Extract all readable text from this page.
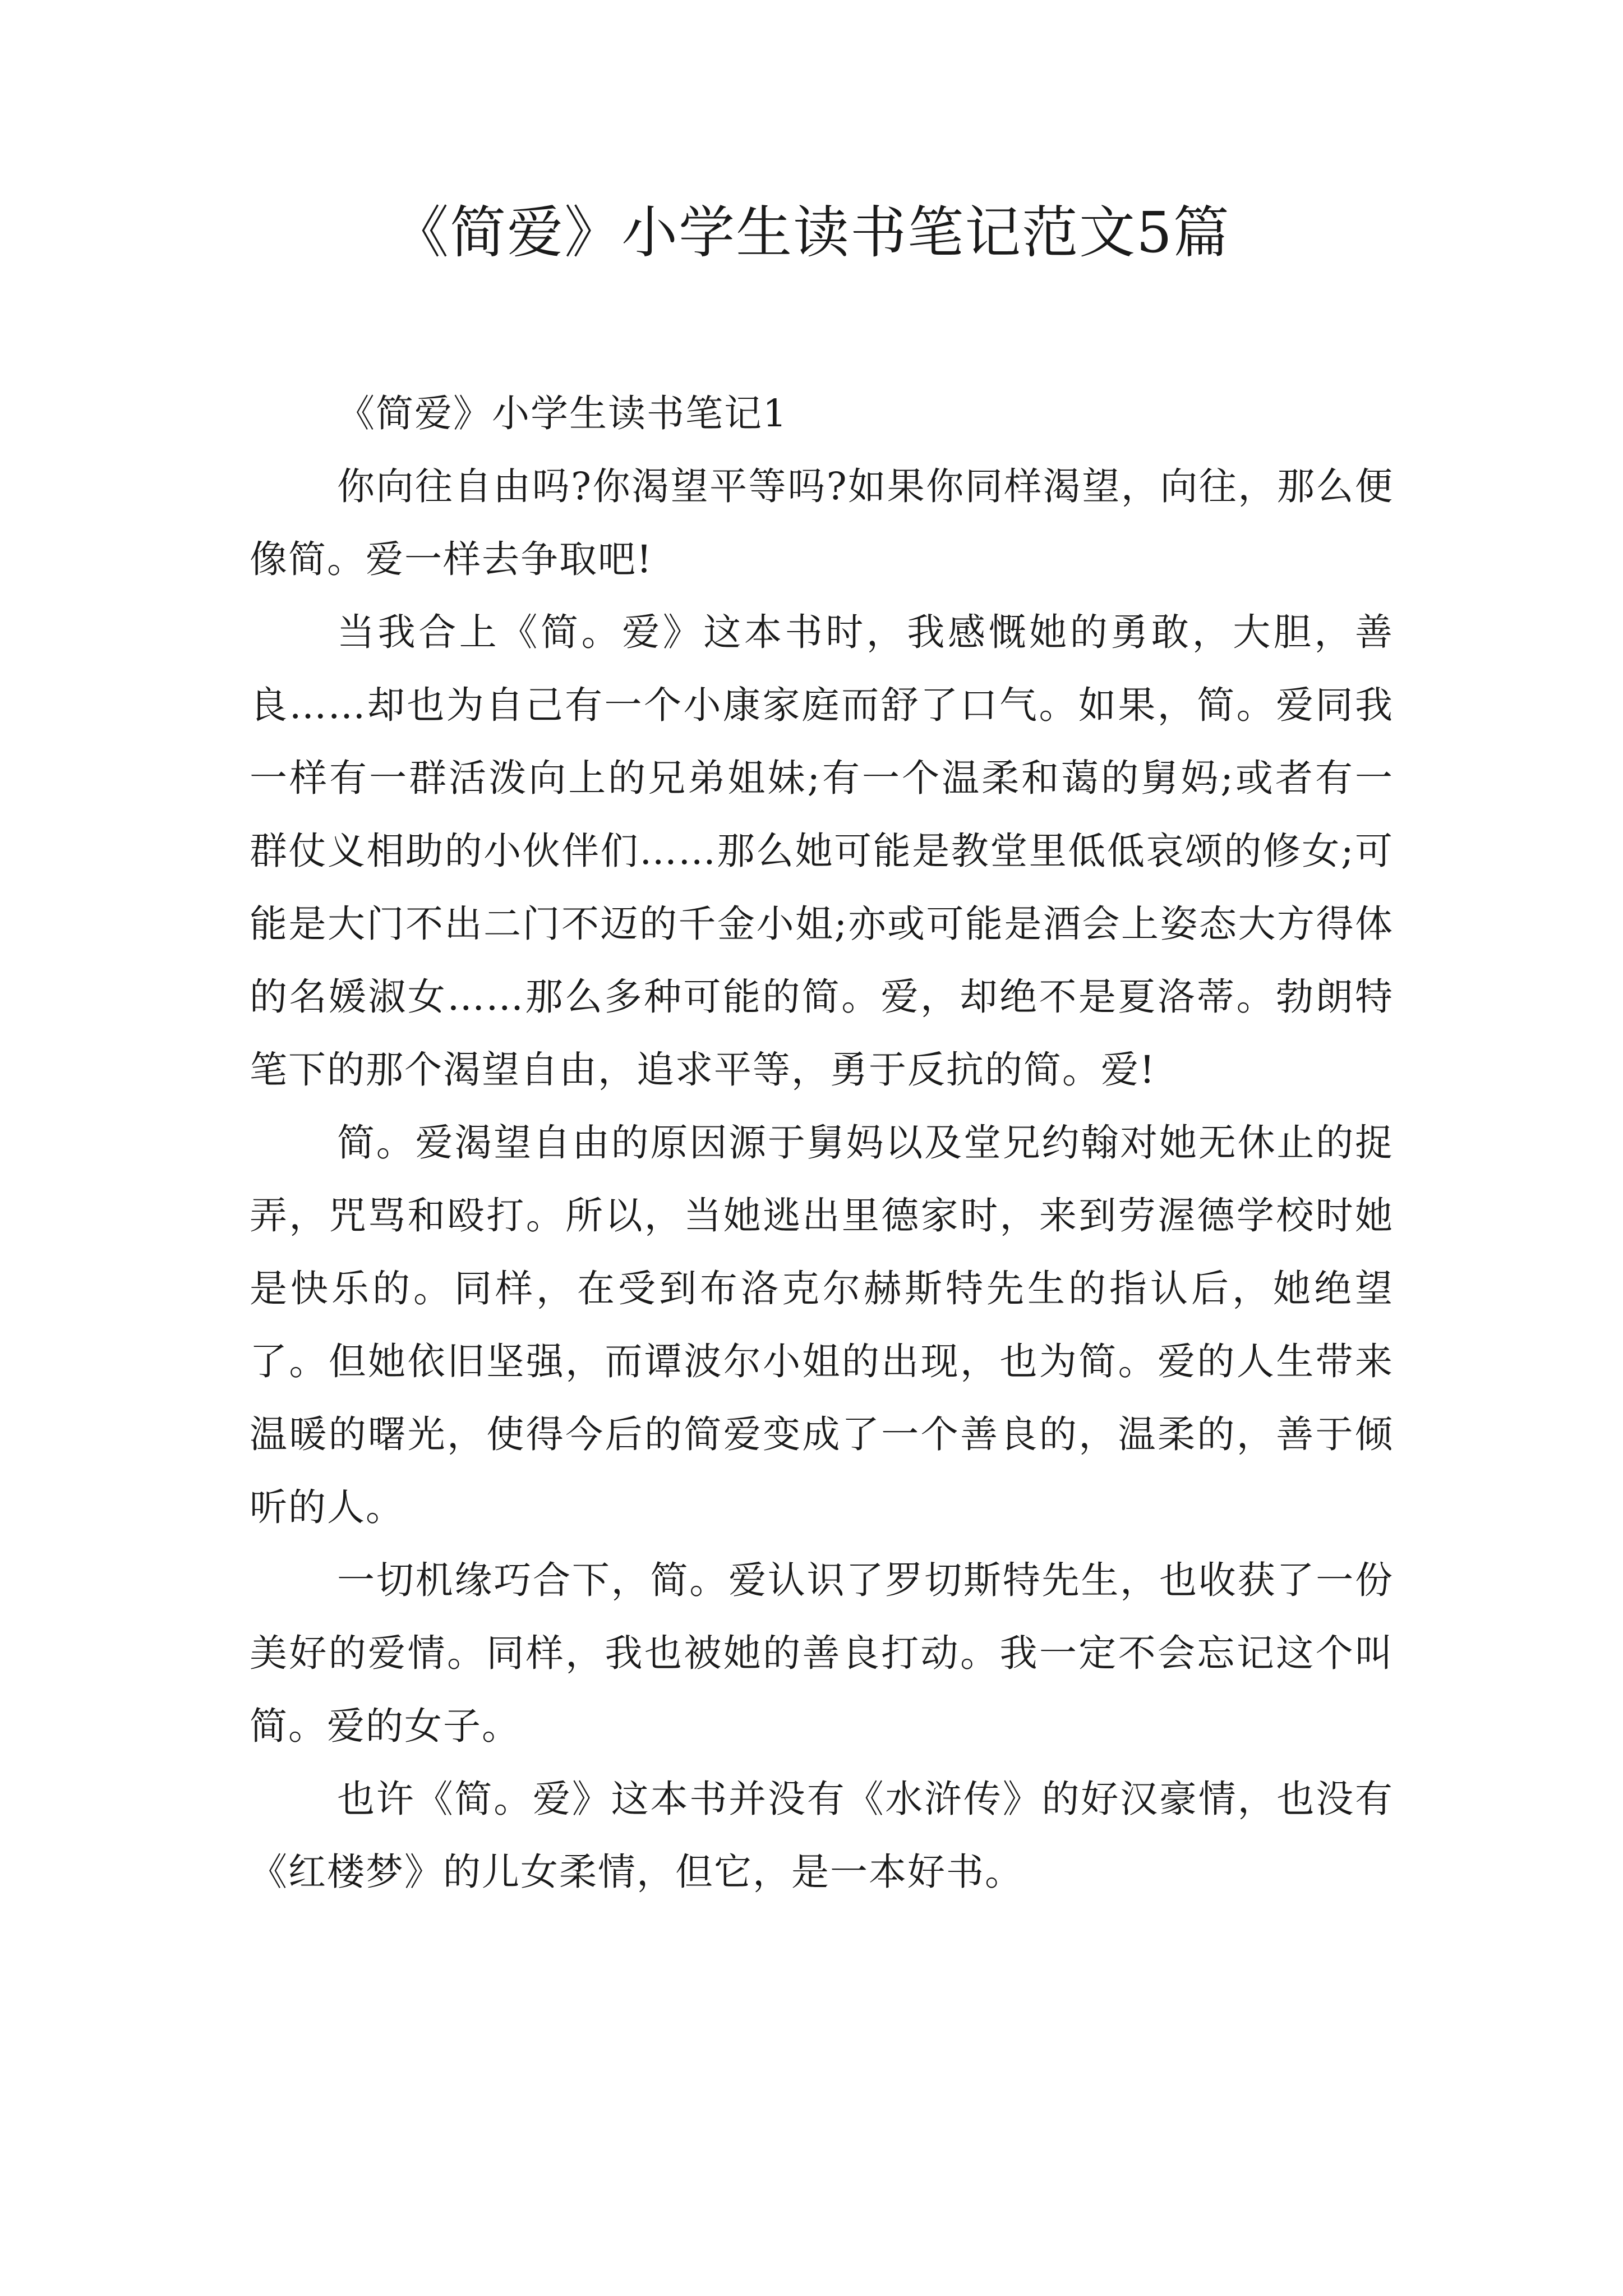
《简爱》小学生读书笔记范文5篇

《简爱》小学生读书笔记1

你向往自由吗?你渴望平等吗?如果你同样渴望，向往，那么便像简。爱一样去争取吧!

当我合上《简。爱》这本书时，我感慨她的勇敢，大胆，善良……却也为自己有一个小康家庭而舒了口气。如果，简。爱同我一样有一群活泼向上的兄弟姐妹;有一个温柔和蔼的舅妈;或者有一群仗义相助的小伙伴们……那么她可能是教堂里低低哀颂的修女;可能是大门不出二门不迈的千金小姐;亦或可能是酒会上姿态大方得体的名媛淑女……那么多种可能的简。爱，却绝不是夏洛蒂。勃朗特笔下的那个渴望自由，追求平等，勇于反抗的简。爱!

简。爱渴望自由的原因源于舅妈以及堂兄约翰对她无休止的捉弄，咒骂和殴打。所以，当她逃出里德家时，来到劳渥德学校时她是快乐的。同样，在受到布洛克尔赫斯特先生的指认后，她绝望了。但她依旧坚强，而谭波尔小姐的出现，也为简。爱的人生带来温暖的曙光，使得今后的简爱变成了一个善良的，温柔的，善于倾听的人。

一切机缘巧合下，简。爱认识了罗切斯特先生，也收获了一份美好的爱情。同样，我也被她的善良打动。我一定不会忘记这个叫简。爱的女子。

也许《简。爱》这本书并没有《水浒传》的好汉豪情，也没有《红楼梦》的儿女柔情，但它，是一本好书。
